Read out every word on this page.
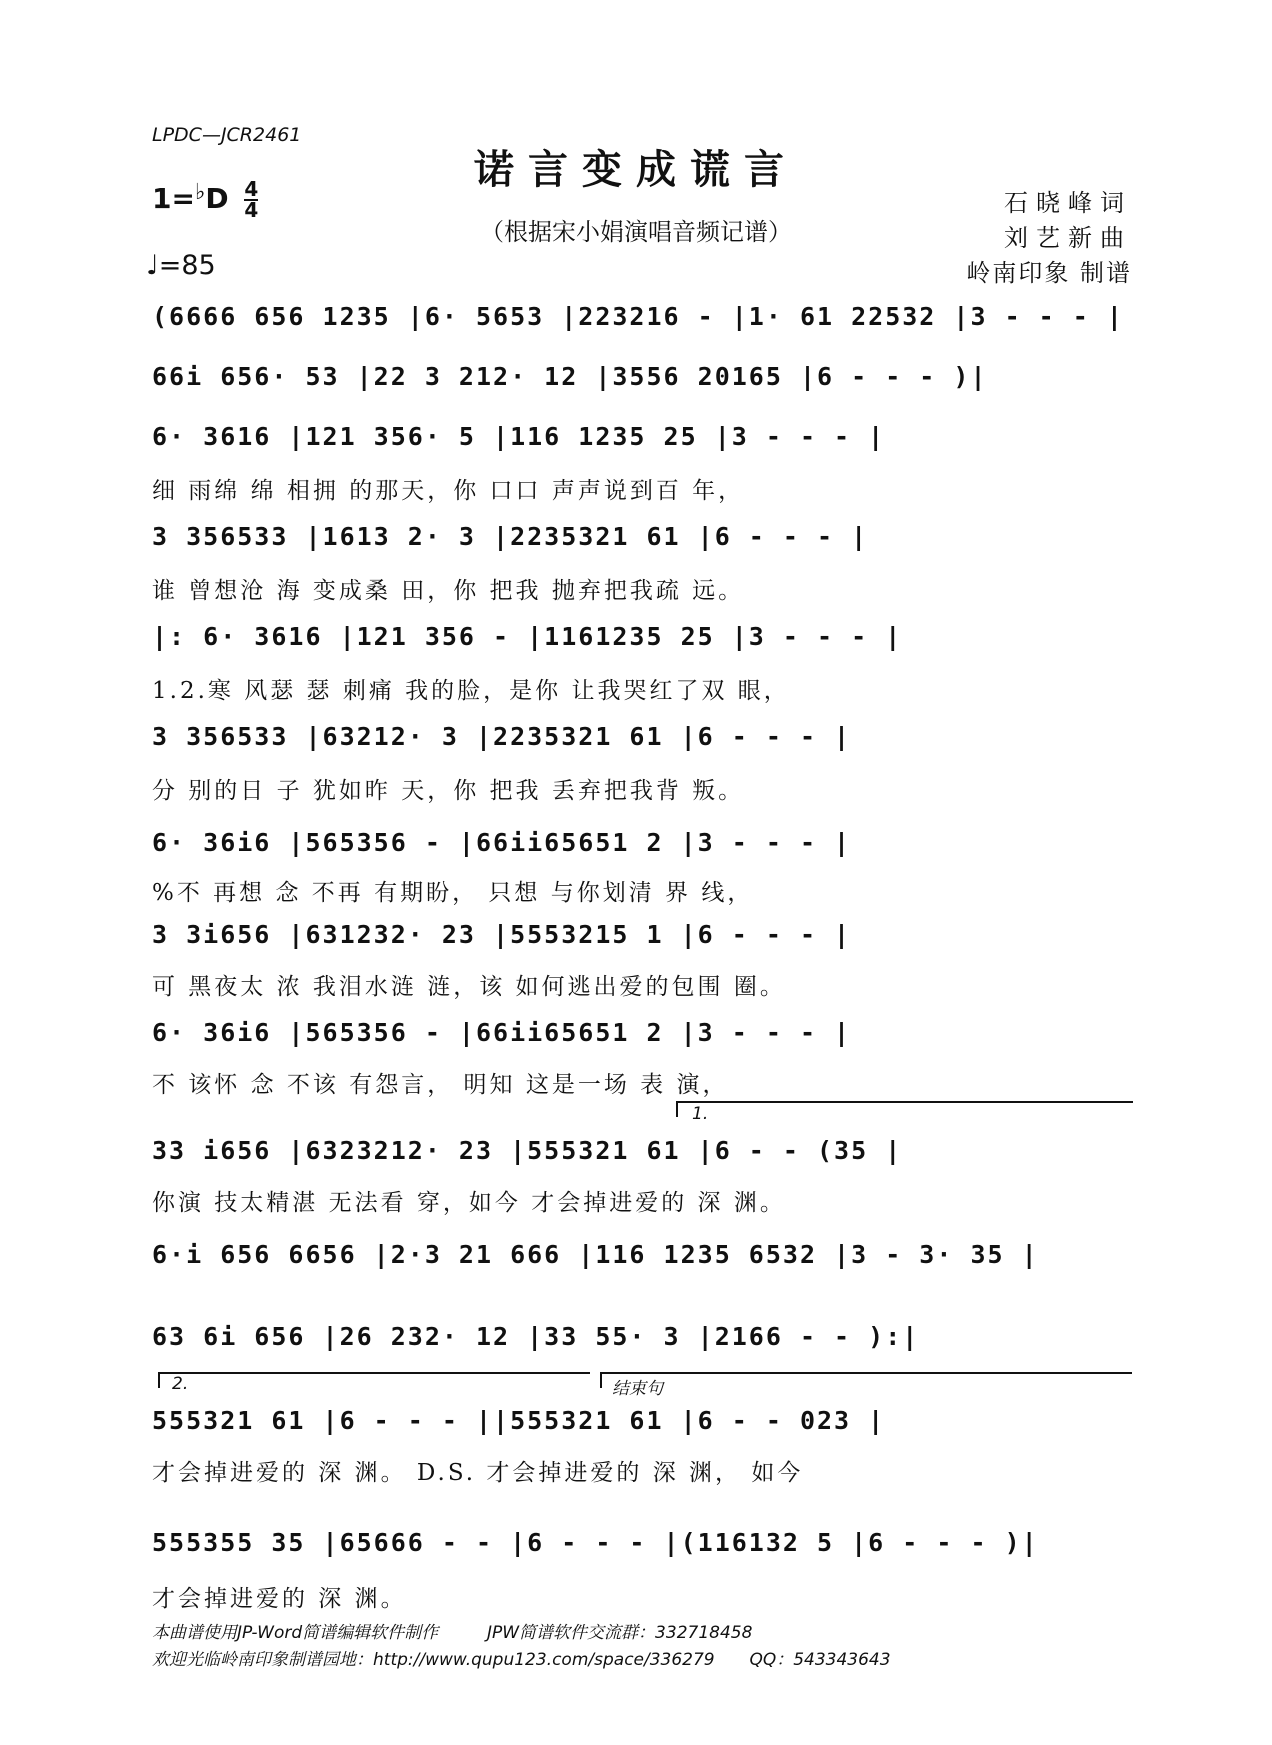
LPDC—JCR2461
诺言变成谎言
$1=^♭D \frac{4}{4}$
（根据宋小娟演唱音频记谱）
♩=85
石晓峰词
刘艺新曲
岭南印象 制谱
(6666 656 1235 |6· 5653 |223216 - |1· 61 22532 |3 - - - |
66i 656· 53 |22 3 212· 12 |3556 20165 |6 - - - )|
6· 3616 |121 356· 5 |116 1235 25 |3 - - - |
细 雨绵 绵 相拥 的那天，你 口口 声声说到百 年，
3 356533 |1613 2· 3 |2235321 61 |6 - - - |
谁 曾想沧 海 变成桑 田，你 把我 抛弃把我疏 远。
|: 6· 3616 |121 356 - |1161235 25 |3 - - - |
1.2.寒 风瑟 瑟 刺痛 我的脸，是你 让我哭红了双 眼，
3 356533 |63212· 3 |2235321 61 |6 - - - |
分 别的日 子 犹如昨 天，你 把我 丢弃把我背 叛。
6· 36i6 |565356 - |66ii65651 2 |3 - - - |
%不 再想 念 不再 有期盼， 只想 与你划清 界 线，
3 3i656 |631232· 23 |5553215 1 |6 - - - |
可 黑夜太 浓 我泪水涟 涟，该 如何逃出爱的包围 圈。
6· 36i6 |565356 - |66ii65651 2 |3 - - - |
不 该怀 念 不该 有怨言， 明知 这是一场 表 演，
1.
33 i656 |6323212· 23 |555321 61 |6 - - (35 |
你演 技太精湛 无法看 穿，如今 才会掉进爱的 深 渊。
6·i 656 6656 |2·3 21 666 |116 1235 6532 |3 - 3· 35 |
63 6i 656 |26 232· 12 |33 55· 3 |2166 - - ):|
2.	结束句
555321 61 |6 - - - ||555321 61 |6 - - 023 |
才会掉进爱的 深 渊。 D.S. 才会掉进爱的 深 渊， 如今
555355 35 |65666 - - |6 - - - |(116132 5 |6 - - - )|
才会掉进爱的 深 渊。
本曲谱使用JP-Word简谱编辑软件制作	JPW简谱软件交流群：332718458
欢迎光临岭南印象制谱园地：http://www.qupu123.com/space/336279 QQ：543343643
